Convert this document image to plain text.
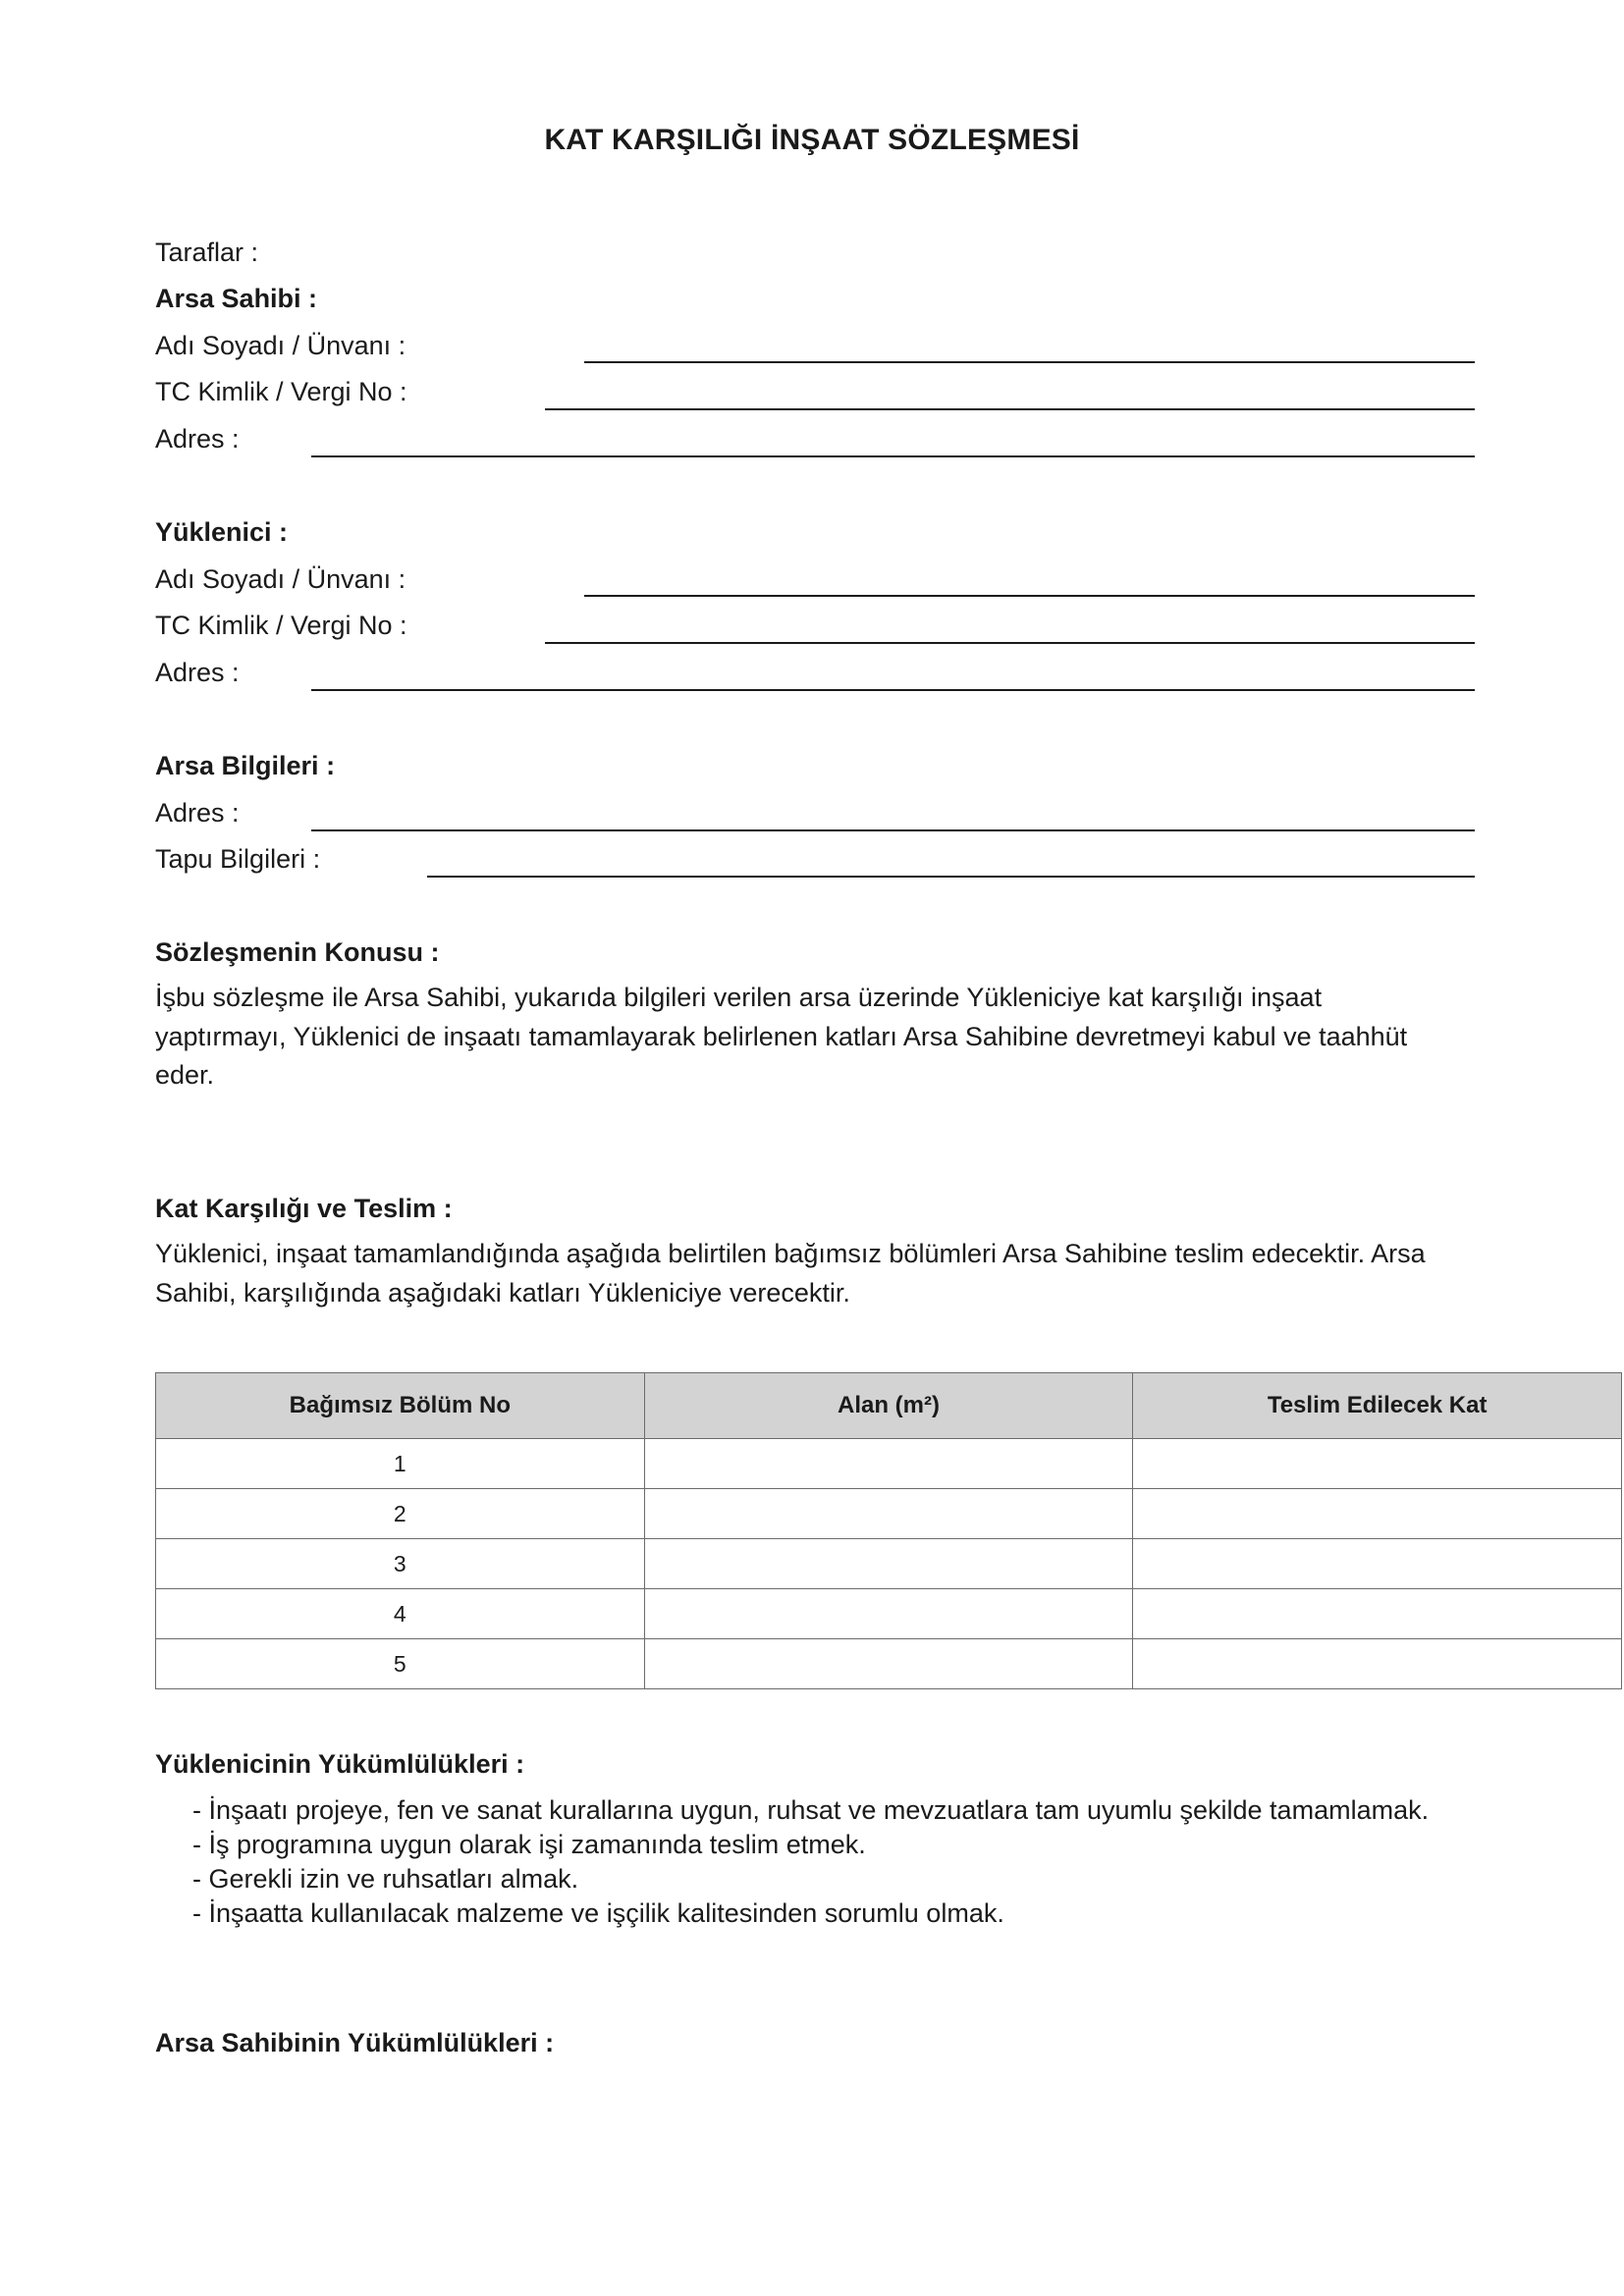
KAT KARŞILIĞI İNŞAAT SÖZLEŞMESİ
Taraflar :
Arsa Sahibi :
Adı Soyadı / Ünvanı :
TC Kimlik / Vergi No :
Adres :
Yüklenici :
Adı Soyadı / Ünvanı :
TC Kimlik / Vergi No :
Adres :
Arsa Bilgileri :
Adres :
Tapu Bilgileri :
Sözleşmenin Konusu :
İşbu sözleşme ile Arsa Sahibi, yukarıda bilgileri verilen arsa üzerinde Yükleniciye kat karşılığı inşaat
yaptırmayı, Yüklenici de inşaatı tamamlayarak belirlenen katları Arsa Sahibine devretmeyi kabul ve taahhüt
eder.
Kat Karşılığı ve Teslim :
Yüklenici, inşaat tamamlandığında aşağıda belirtilen bağımsız bölümleri Arsa Sahibine teslim edecektir. Arsa
Sahibi, karşılığında aşağıdaki katları Yükleniciye verecektir.
Bağımsız Bölüm No	Alan (m²)	Teslim Edilecek Kat
1		
2		
3		
4		
5		
Yüklenicinin Yükümlülükleri :
- İnşaatı projeye, fen ve sanat kurallarına uygun, ruhsat ve mevzuatlara tam uyumlu şekilde tamamlamak.
- İş programına uygun olarak işi zamanında teslim etmek.
- Gerekli izin ve ruhsatları almak.
- İnşaatta kullanılacak malzeme ve işçilik kalitesinden sorumlu olmak.
Arsa Sahibinin Yükümlülükleri :
